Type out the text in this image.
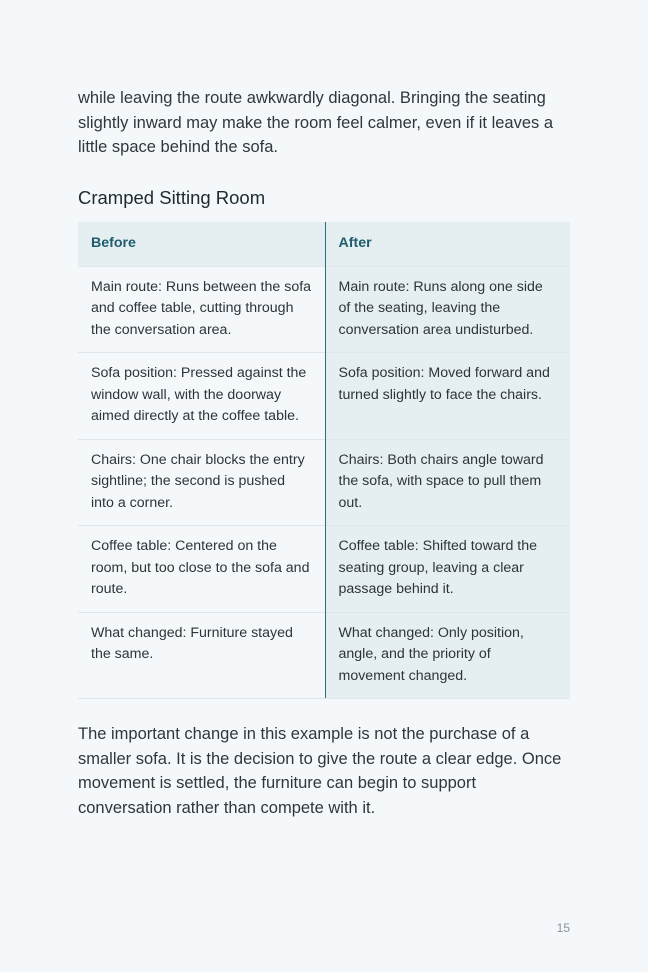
while leaving the route awkwardly diagonal. Bringing the seating slightly inward may make the room feel calmer, even if it leaves a little space behind the sofa.

Cramped Sitting Room
Before	After
Main route: Runs between the sofa and coffee table, cutting through the conversation area.	Main route: Runs along one side of the seating, leaving the conversation area undisturbed.
Sofa position: Pressed against the window wall, with the doorway aimed directly at the coffee table.	Sofa position: Moved forward and turned slightly to face the chairs.
Chairs: One chair blocks the entry sightline; the second is pushed into a corner.	Chairs: Both chairs angle toward the sofa, with space to pull them out.
Coffee table: Centered on the room, but too close to the sofa and route.	Coffee table: Shifted toward the seating group, leaving a clear passage behind it.
What changed: Furniture stayed the same.	What changed: Only position, angle, and the priority of movement changed.

The important change in this example is not the purchase of a smaller sofa. It is the decision to give the route a clear edge. Once movement is settled, the furniture can begin to support conversation rather than compete with it.

15
